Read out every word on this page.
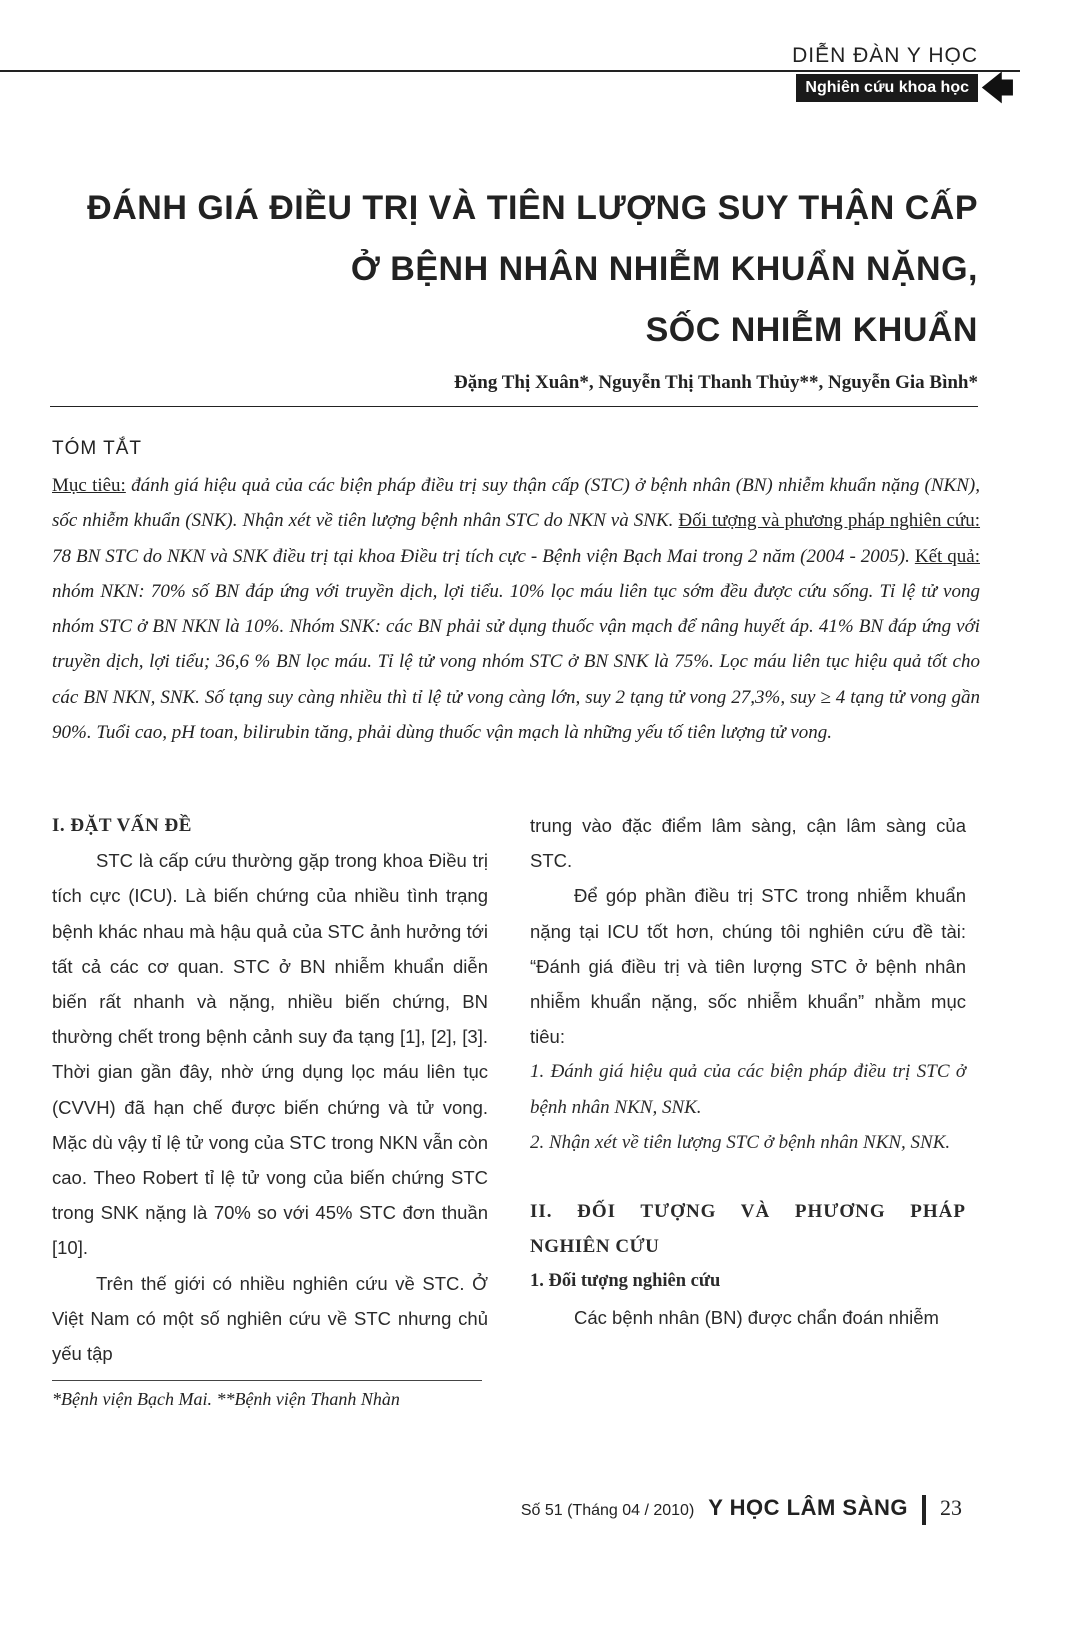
DIỄN ĐÀN Y HỌC
Nghiên cứu khoa học 🡄
ĐÁNH GIÁ ĐIỀU TRỊ VÀ TIÊN LƯỢNG SUY THẬN CẤP
Ở BỆNH NHÂN NHIỄM KHUẨN NẶNG,
SỐC NHIỄM KHUẨN
Đặng Thị Xuân*, Nguyễn Thị Thanh Thủy**, Nguyễn Gia Bình*
TÓM TẮT
Mục tiêu: đánh giá hiệu quả của các biện pháp điều trị suy thận cấp (STC) ở bệnh nhân (BN) nhiễm khuẩn nặng (NKN), sốc nhiễm khuẩn (SNK). Nhận xét về tiên lượng bệnh nhân STC do NKN và SNK. Đối tượng và phương pháp nghiên cứu: 78 BN STC do NKN và SNK điều trị tại khoa Điều trị tích cực - Bệnh viện Bạch Mai trong 2 năm (2004 - 2005). Kết quả: nhóm NKN: 70% số BN đáp ứng với truyền dịch, lợi tiểu. 10% lọc máu liên tục sớm đều được cứu sống. Tỉ lệ tử vong nhóm STC ở BN NKN là 10%. Nhóm SNK: các BN phải sử dụng thuốc vận mạch để nâng huyết áp. 41% BN đáp ứng với truyền dịch, lợi tiểu; 36,6 % BN lọc máu. Tỉ lệ tử vong nhóm STC ở BN SNK là 75%. Lọc máu liên tục hiệu quả tốt cho các BN NKN, SNK. Số tạng suy càng nhiều thì tỉ lệ tử vong càng lớn, suy 2 tạng tử vong 27,3%, suy ≥ 4 tạng tử vong gần 90%. Tuổi cao, pH toan, bilirubin tăng, phải dùng thuốc vận mạch là những yếu tố tiên lượng tử vong.

I. ĐẶT VẤN ĐỀ

STC là cấp cứu thường gặp trong khoa Điều trị tích cực (ICU). Là biến chứng của nhiều tình trạng bệnh khác nhau mà hậu quả của STC ảnh hưởng tới tất cả các cơ quan. STC ở BN nhiễm khuẩn diễn biến rất nhanh và nặng, nhiều biến chứng, BN thường chết trong bệnh cảnh suy đa tạng [1], [2], [3]. Thời gian gần đây, nhờ ứng dụng lọc máu liên tục (CVVH) đã hạn chế được biến chứng và tử vong. Mặc dù vậy tỉ lệ tử vong của STC trong NKN vẫn còn cao. Theo Robert tỉ lệ tử vong của biến chứng STC trong SNK nặng là 70% so với 45% STC đơn thuần [10].

Trên thế giới có nhiều nghiên cứu về STC. Ở Việt Nam có một số nghiên cứu về STC nhưng chủ yếu tập

trung vào đặc điểm lâm sàng, cận lâm sàng của STC.

Để góp phần điều trị STC trong nhiễm khuẩn nặng tại ICU tốt hơn, chúng tôi nghiên cứu đề tài: “Đánh giá điều trị và tiên lượng STC ở bệnh nhân nhiễm khuẩn nặng, sốc nhiễm khuẩn” nhằm mục tiêu:

1. Đánh giá hiệu quả của các biện pháp điều trị STC ở bệnh nhân NKN, SNK.

2. Nhận xét về tiên lượng STC ở bệnh nhân NKN, SNK.

II. ĐỐI TƯỢNG VÀ PHƯƠNG PHÁP

NGHIÊN CỨU

1. Đối tượng nghiên cứu

Các bệnh nhân (BN) được chẩn đoán nhiễm

*Bệnh viện Bạch Mai. **Bệnh viện Thanh Nhàn
Số 51 (Tháng 04 / 2010) Y HỌC LÂM SÀNG 23
